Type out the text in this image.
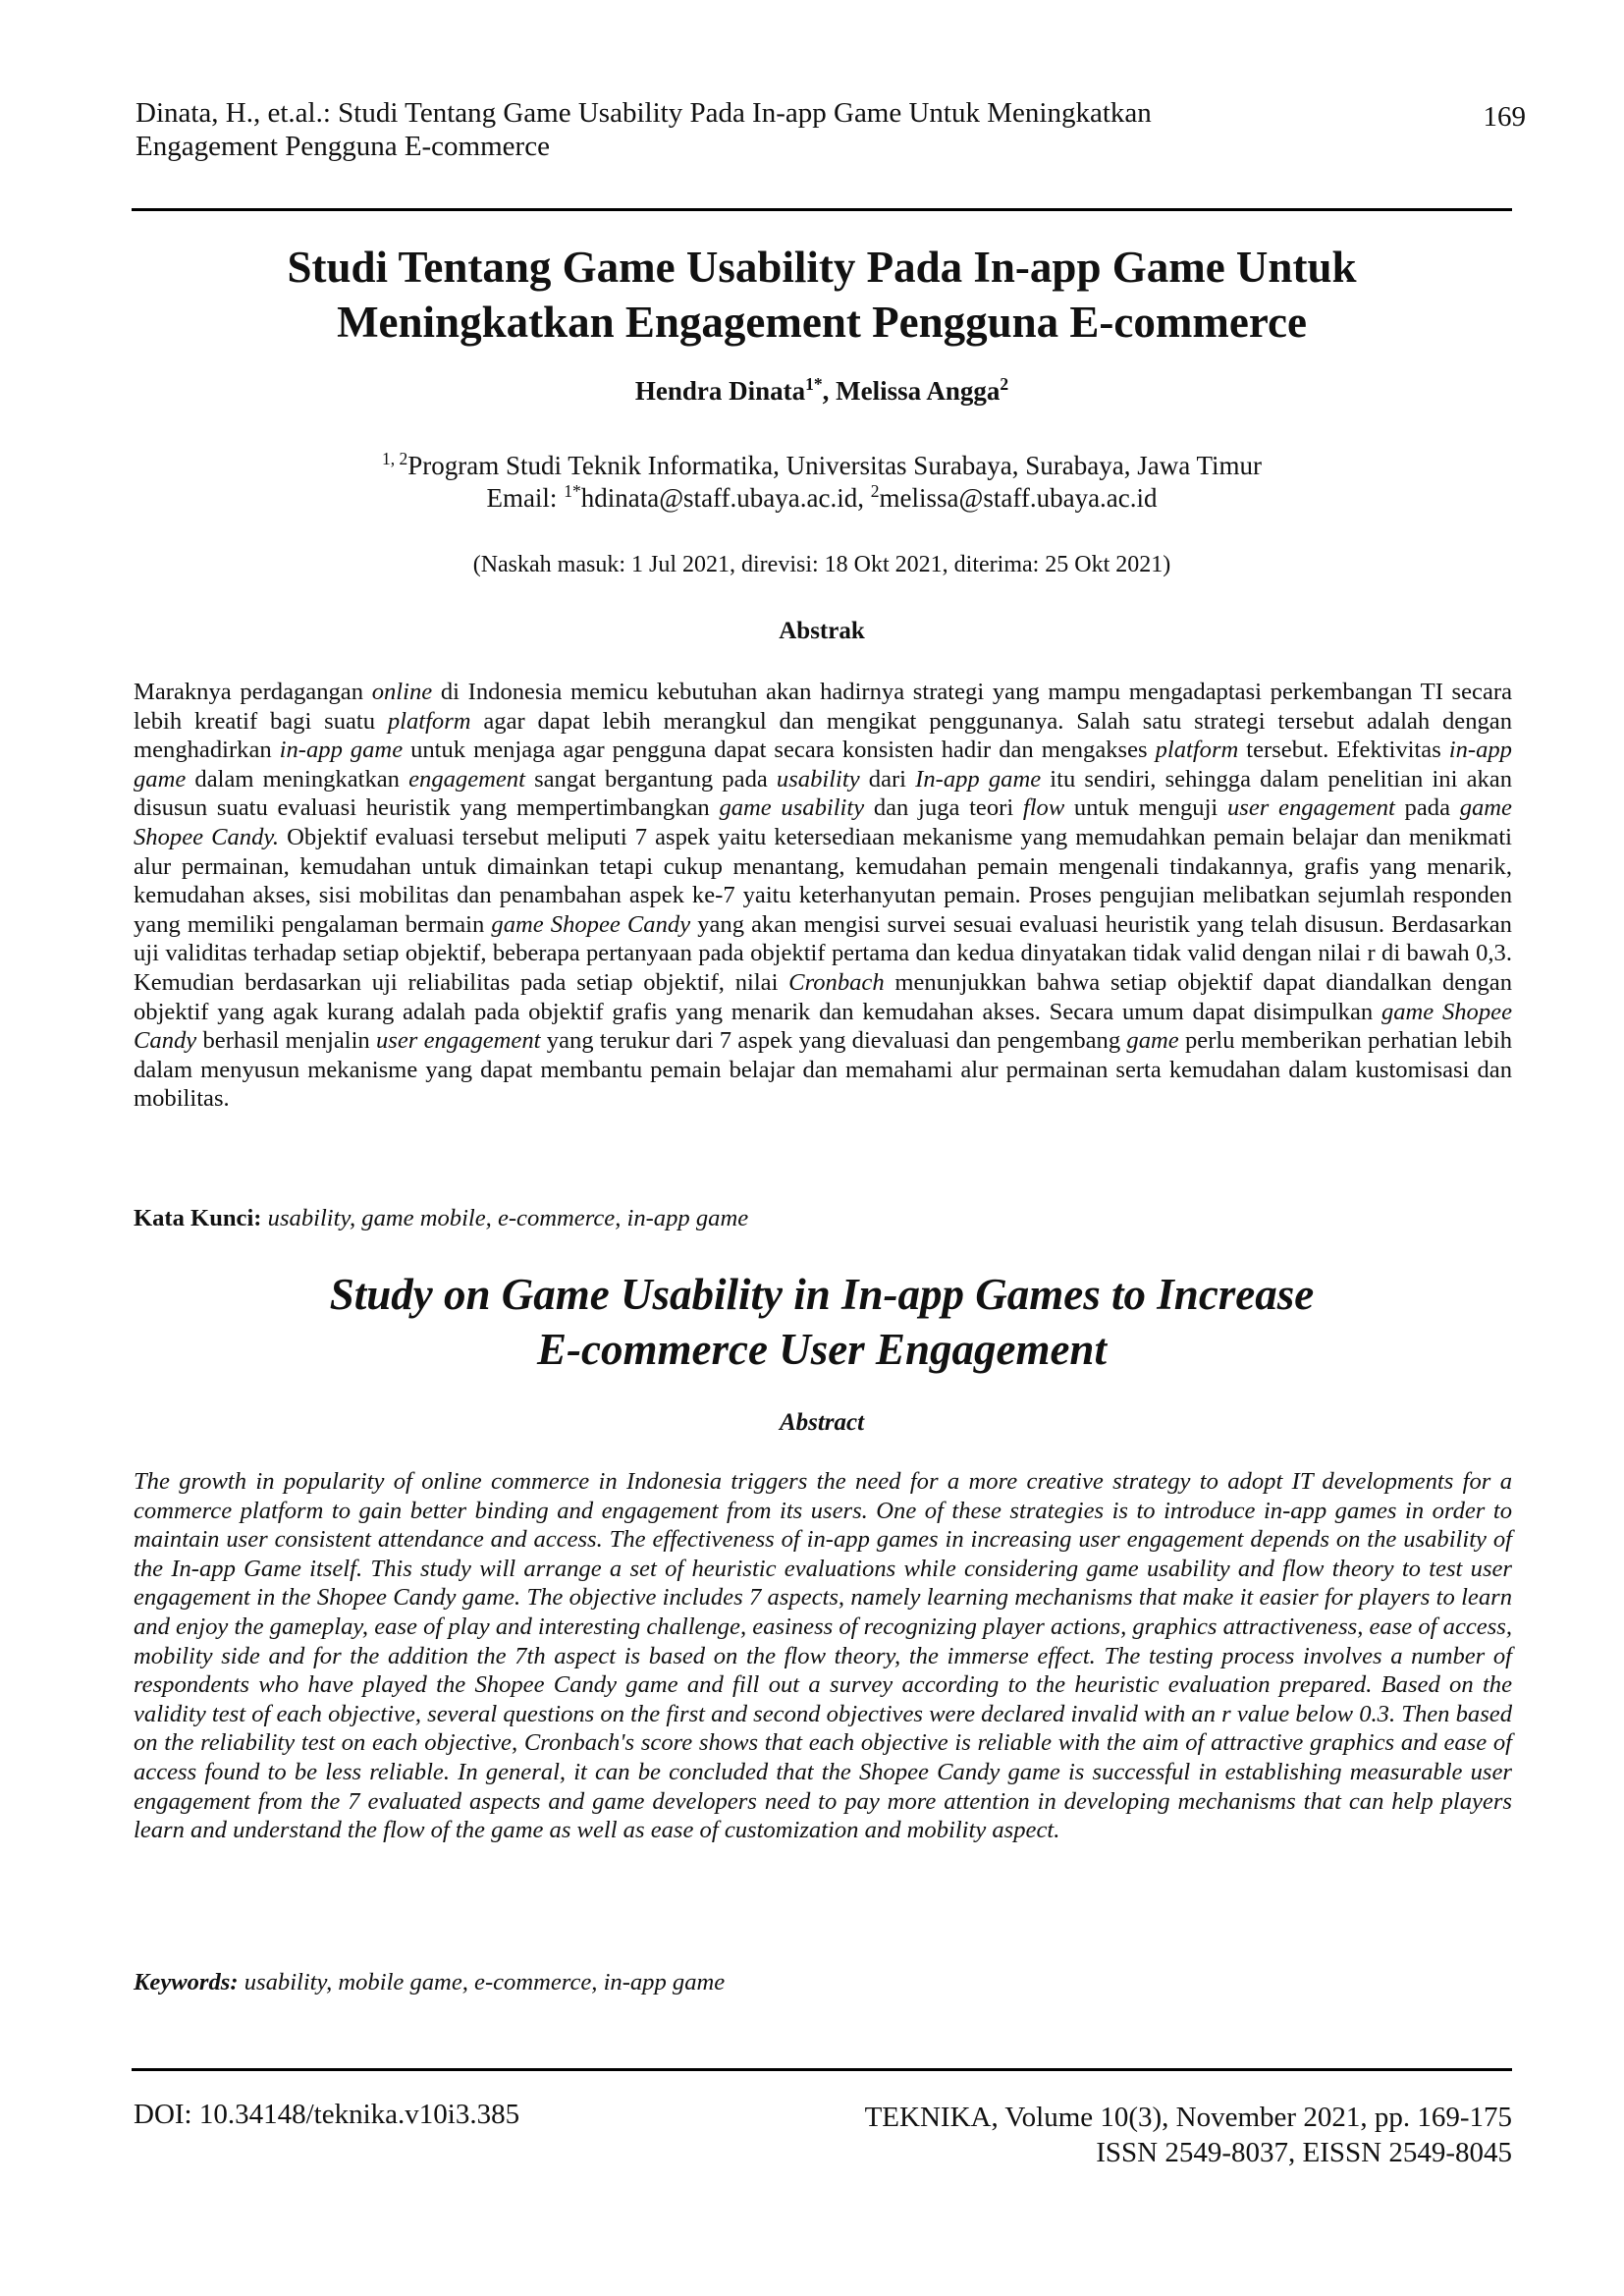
Dinata, H., et.al.: Studi Tentang Game Usability Pada In-app Game Untuk Meningkatkan
Engagement Pengguna E-commerce
169
Studi Tentang Game Usability Pada In-app Game Untuk
Meningkatkan Engagement Pengguna E-commerce
Hendra Dinata$^{1*}$, Melissa Angga$^2$
$^{1, 2}$Program Studi Teknik Informatika, Universitas Surabaya, Surabaya, Jawa Timur
Email: $^{1*}$hdinata@staff.ubaya.ac.id, $^2$melissa@staff.ubaya.ac.id
(Naskah masuk: 1 Jul 2021, direvisi: 18 Okt 2021, diterima: 25 Okt 2021)
Abstrak

Maraknya perdagangan online di Indonesia memicu kebutuhan akan hadirnya strategi yang mampu mengadaptasi perkembangan TI secara lebih kreatif bagi suatu platform agar dapat lebih merangkul dan mengikat penggunanya. Salah satu strategi tersebut adalah dengan menghadirkan in-app game untuk menjaga agar pengguna dapat secara konsisten hadir dan mengakses platform tersebut. Efektivitas in-app game dalam meningkatkan engagement sangat bergantung pada usability dari In-app game itu sendiri, sehingga dalam penelitian ini akan disusun suatu evaluasi heuristik yang mempertimbangkan game usability dan juga teori flow untuk menguji user engagement pada game Shopee Candy. Objektif evaluasi tersebut meliputi 7 aspek yaitu ketersediaan mekanisme yang memudahkan pemain belajar dan menikmati alur permainan, kemudahan untuk dimainkan tetapi cukup menantang, kemudahan pemain mengenali tindakannya, grafis yang menarik, kemudahan akses, sisi mobilitas dan penambahan aspek ke-7 yaitu keterhanyutan pemain. Proses pengujian melibatkan sejumlah responden yang memiliki pengalaman bermain game Shopee Candy yang akan mengisi survei sesuai evaluasi heuristik yang telah disusun. Berdasarkan uji validitas terhadap setiap objektif, beberapa pertanyaan pada objektif pertama dan kedua dinyatakan tidak valid dengan nilai r di bawah 0,3. Kemudian berdasarkan uji reliabilitas pada setiap objektif, nilai Cronbach menunjukkan bahwa setiap objektif dapat diandalkan dengan objektif yang agak kurang adalah pada objektif grafis yang menarik dan kemudahan akses. Secara umum dapat disimpulkan game Shopee Candy berhasil menjalin user engagement yang terukur dari 7 aspek yang dievaluasi dan pengembang game perlu memberikan perhatian lebih dalam menyusun mekanisme yang dapat membantu pemain belajar dan memahami alur permainan serta kemudahan dalam kustomisasi dan mobilitas.

Kata Kunci: usability, game mobile, e-commerce, in-app game
Study on Game Usability in In-app Games to Increase
E-commerce User Engagement
Abstract

The growth in popularity of online commerce in Indonesia triggers the need for a more creative strategy to adopt IT developments for a commerce platform to gain better binding and engagement from its users. One of these strategies is to introduce in-app games in order to maintain user consistent attendance and access. The effectiveness of in-app games in increasing user engagement depends on the usability of the In-app Game itself. This study will arrange a set of heuristic evaluations while considering game usability and flow theory to test user engagement in the Shopee Candy game. The objective includes 7 aspects, namely learning mechanisms that make it easier for players to learn and enjoy the gameplay, ease of play and interesting challenge, easiness of recognizing player actions, graphics attractiveness, ease of access, mobility side and for the addition the 7th aspect is based on the flow theory, the immerse effect. The testing process involves a number of respondents who have played the Shopee Candy game and fill out a survey according to the heuristic evaluation prepared. Based on the validity test of each objective, several questions on the first and second objectives were declared invalid with an r value below 0.3. Then based on the reliability test on each objective, Cronbach's score shows that each objective is reliable with the aim of attractive graphics and ease of access found to be less reliable. In general, it can be concluded that the Shopee Candy game is successful in establishing measurable user engagement from the 7 evaluated aspects and game developers need to pay more attention in developing mechanisms that can help players learn and understand the flow of the game as well as ease of customization and mobility aspect.

Keywords: usability, mobile game, e-commerce, in-app game
DOI: 10.34148/teknika.v10i3.385	TEKNIKA, Volume 10(3), November 2021, pp. 169-175
ISSN 2549-8037, EISSN 2549-8045
